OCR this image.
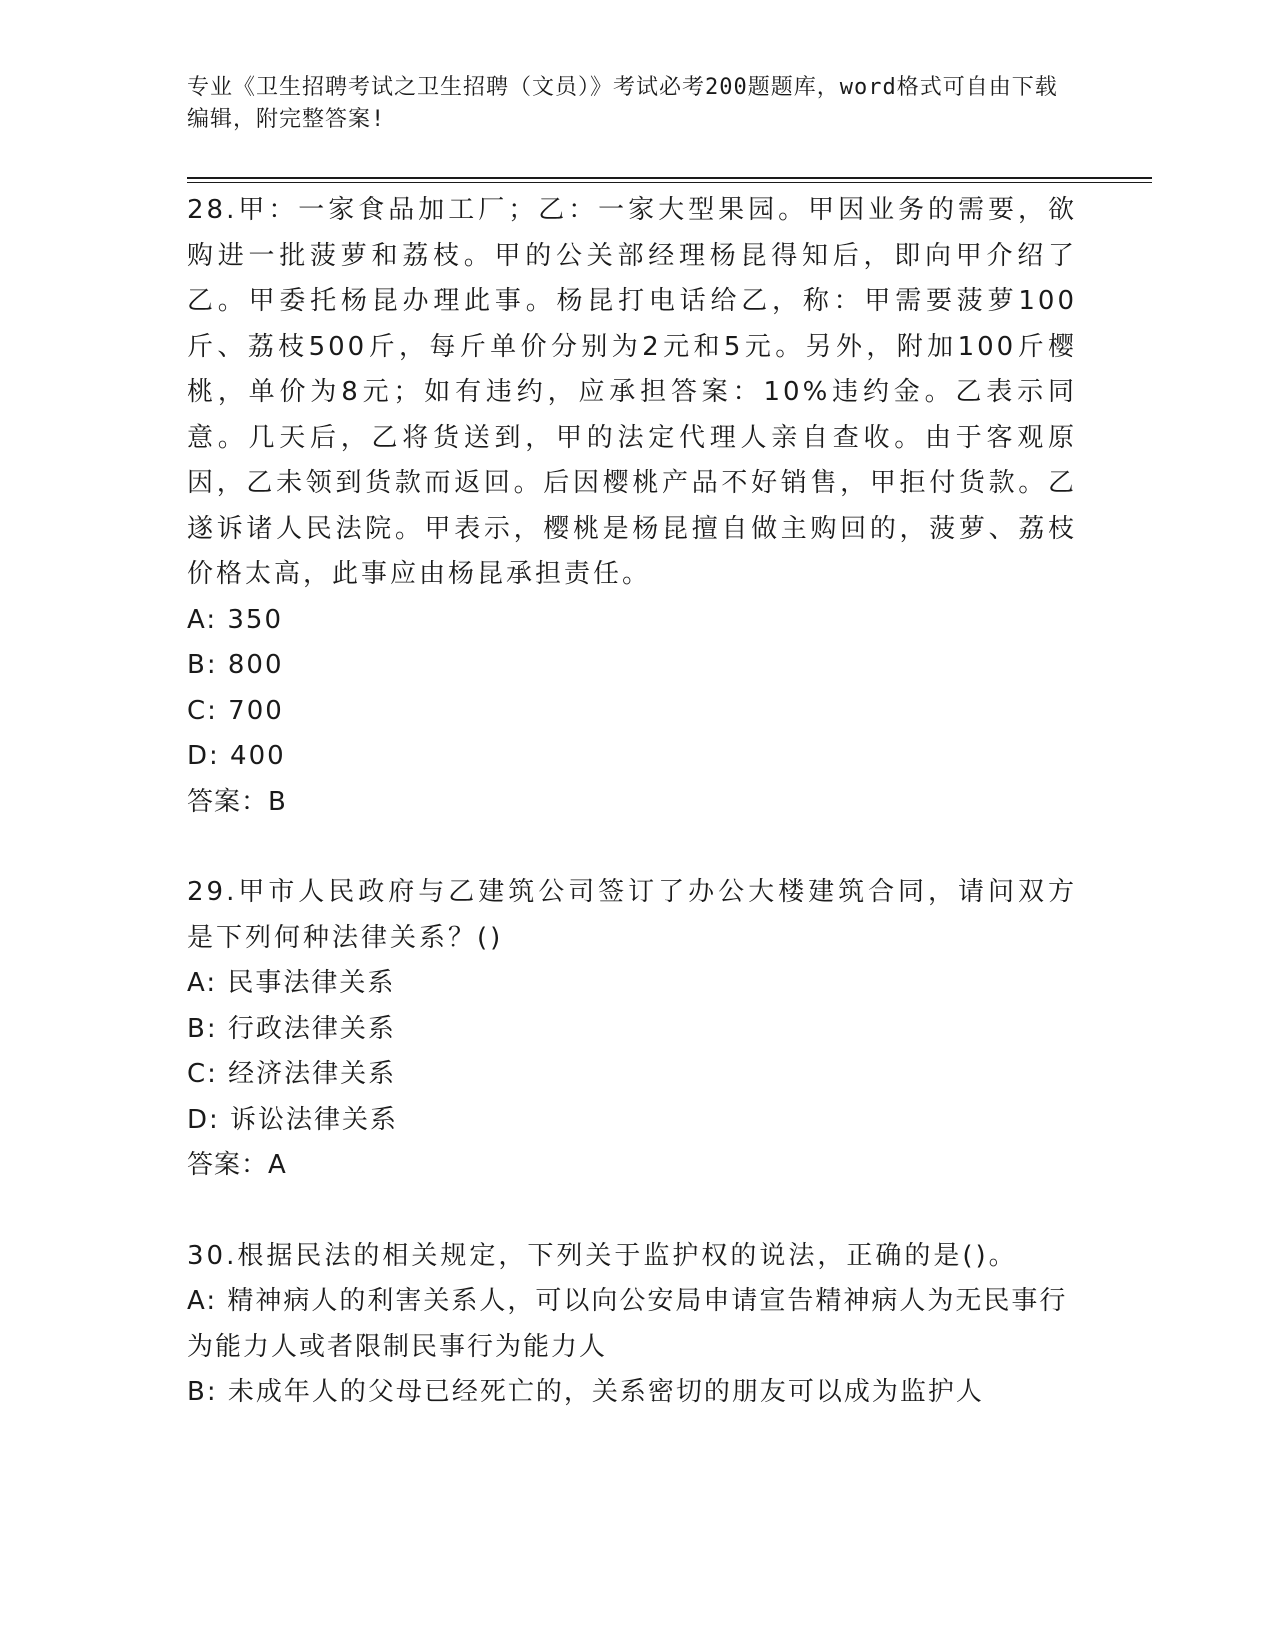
专业《卫生招聘考试之卫生招聘（文员）》考试必考200题题库，word格式可自由下载编辑，附完整答案!

28.甲：一家食品加工厂；乙：一家大型果园。甲因业务的需要，欲购进一批菠萝和荔枝。甲的公关部经理杨昆得知后，即向甲介绍了乙。甲委托杨昆办理此事。杨昆打电话给乙，称：甲需要菠萝100斤、荔枝500斤，每斤单价分别为2元和5元。另外，附加100斤樱桃，单价为8元；如有违约，应承担答案：10%违约金。乙表示同意。几天后，乙将货送到，甲的法定代理人亲自查收。由于客观原因，乙未领到货款而返回。后因樱桃产品不好销售，甲拒付货款。乙遂诉诸人民法院。甲表示，樱桃是杨昆擅自做主购回的，菠萝、荔枝价格太高，此事应由杨昆承担责任。

A: 350

B: 800

C: 700

D: 400

答案：B

29.甲市人民政府与乙建筑公司签订了办公大楼建筑合同，请问双方是下列何种法律关系？()

A: 民事法律关系

B: 行政法律关系

C: 经济法律关系

D: 诉讼法律关系

答案：A

30.根据民法的相关规定，下列关于监护权的说法，正确的是()。

A: 精神病人的利害关系人，可以向公安局申请宣告精神病人为无民事行为能力人或者限制民事行为能力人

B: 未成年人的父母已经死亡的，关系密切的朋友可以成为监护人
